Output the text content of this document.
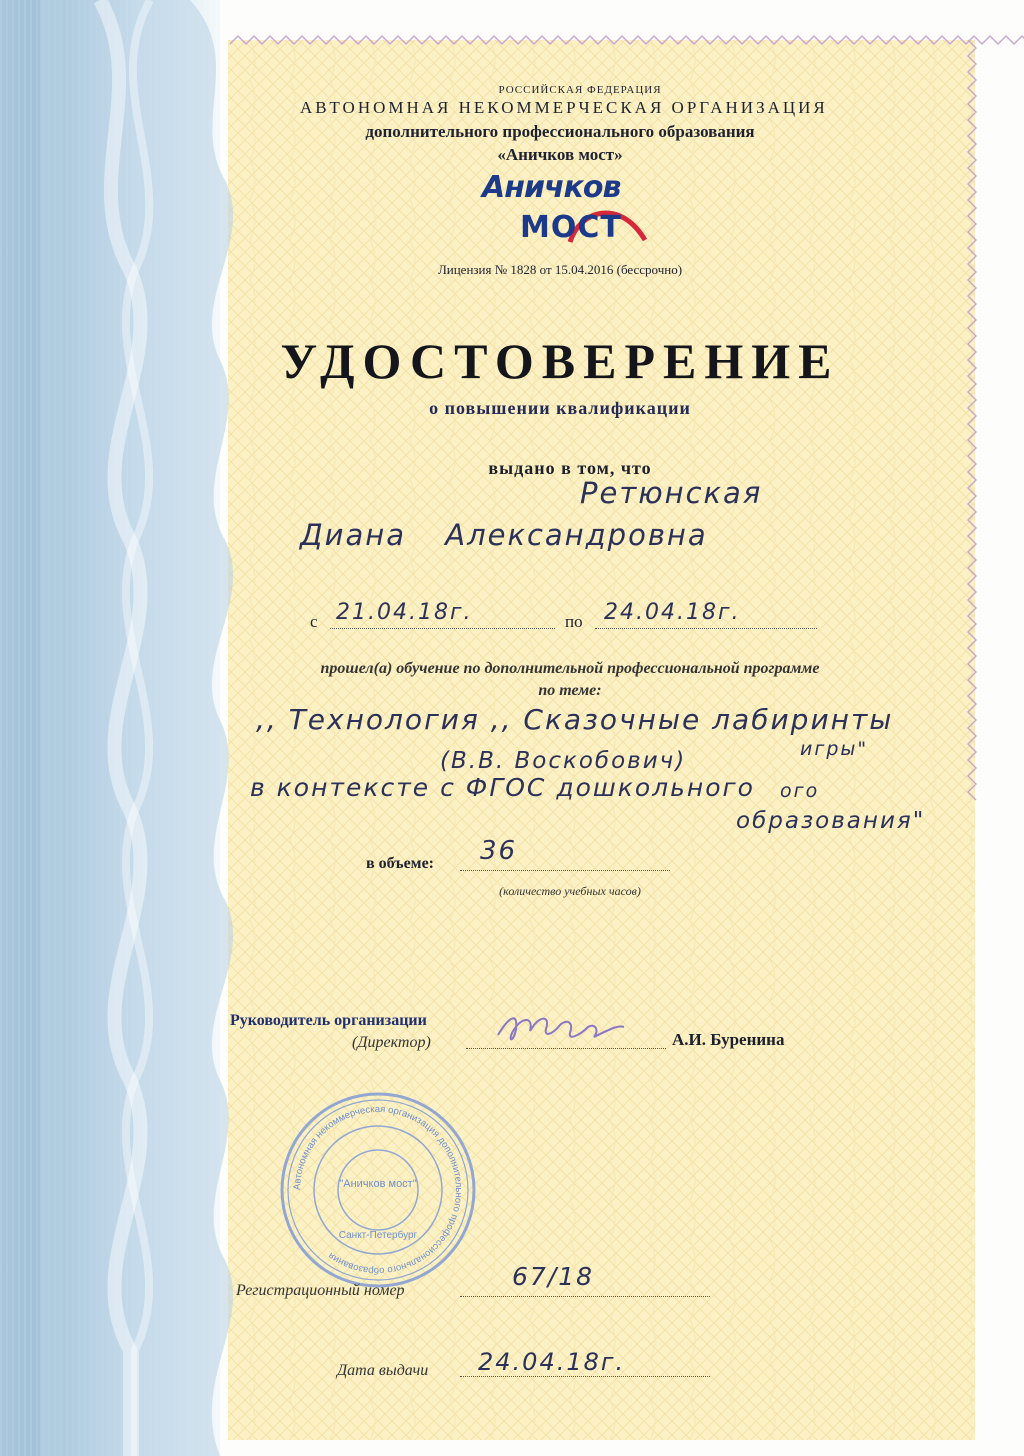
РОССИЙСКАЯ ФЕДЕРАЦИЯ
АВТОНОМНАЯ НЕКОММЕРЧЕСКАЯ ОРГАНИЗАЦИЯ
дополнительного профессионального образования
«Аничков мост»
Аничков
МОСТ
Лицензия № 1828 от 15.04.2016 (бессрочно)
УДОСТОВЕРЕНИЕ
о повышении квалификации
выдано в том, что
Ретюнская
Диана Александровна
с 21.04.18г.	по 24.04.18г.
прошел(а) обучение по дополнительной профессиональной программе
по теме:
,, Технология ,, Сказочные лабиринты
(В.В. Воскобович)	игры"
в контексте с ФГОС дошкольного ого
образования"
в объеме: 36
(количество учебных часов)
Руководитель организации
(Директор)	А.И. Буренина
Автономная некоммерческая организация дополнительного профессионального образования
"Аничков мост"
Санкт-Петербург
Регистрационный номер	67/18
Дата выдачи 24.04.18г.
